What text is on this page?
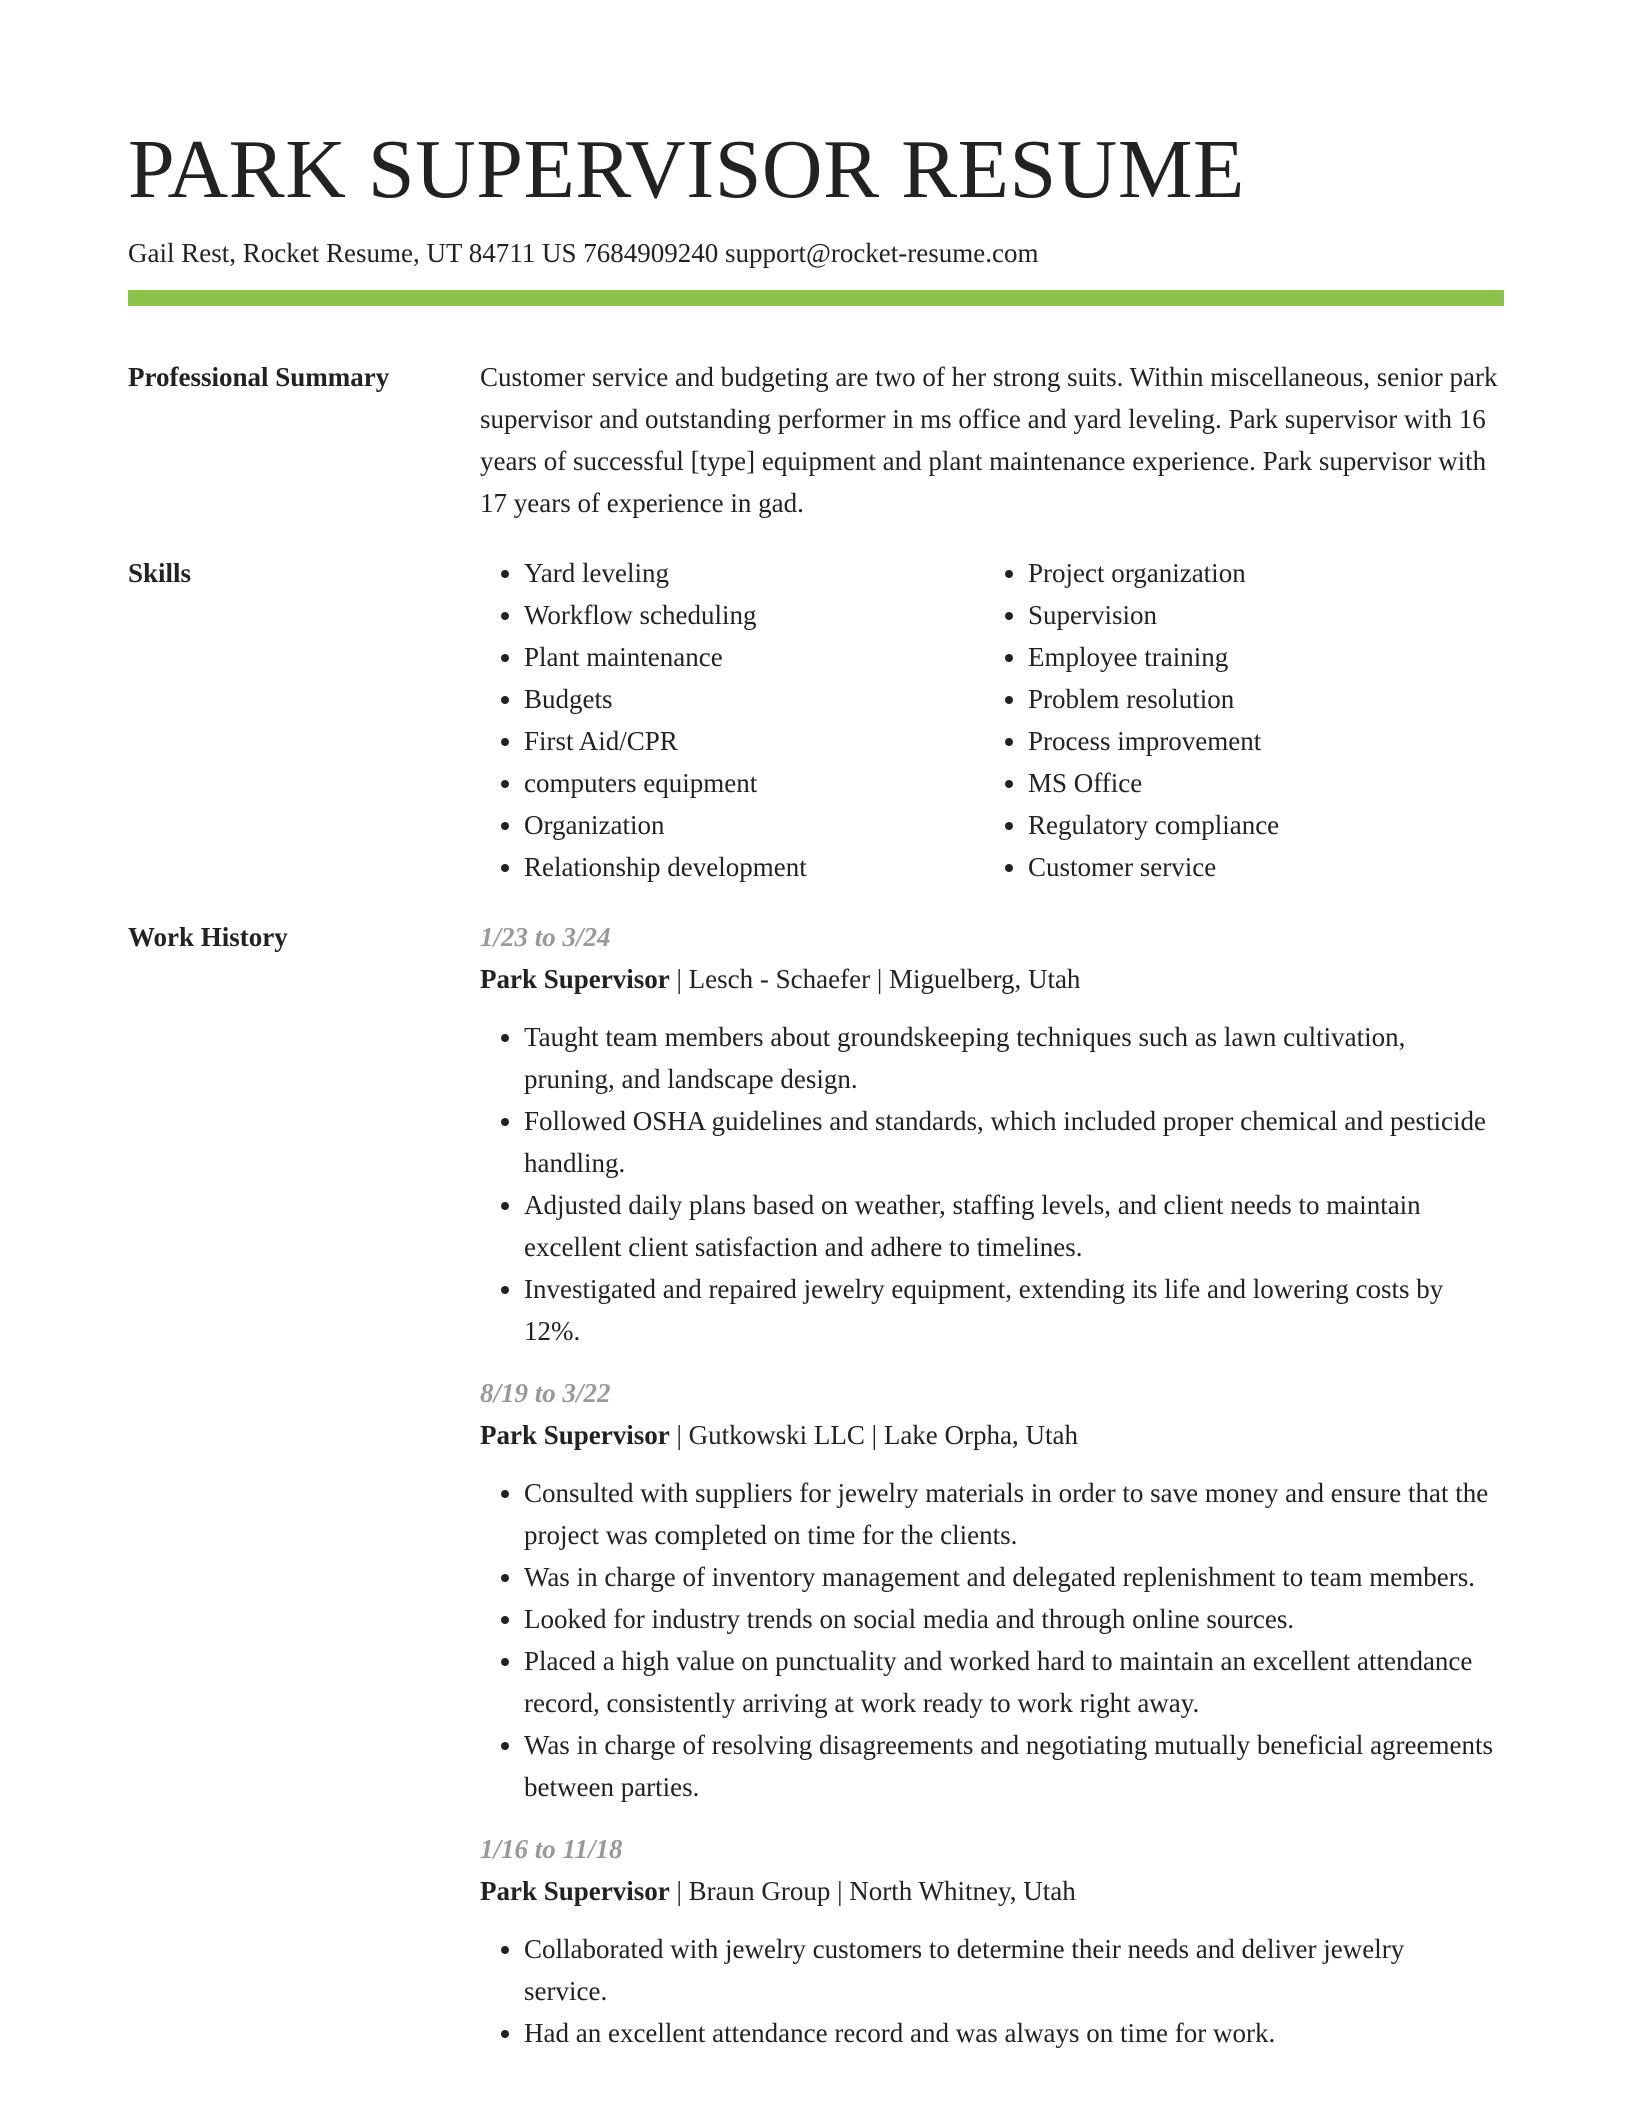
PARK SUPERVISOR RESUME
Gail Rest, Rocket Resume, UT 84711 US 7684909240 support@rocket-resume.com
Professional Summary	Customer service and budgeting are two of her strong suits. Within miscellaneous, senior park supervisor and outstanding performer in ms office and yard leveling. Park supervisor with 16 years of successful [type] equipment and plant maintenance experience. Park supervisor with 17 years of experience in gad.

Skills
•	Yard leveling
• Workflow scheduling
• Plant maintenance
• Budgets
• First Aid/CPR
• computers equipment
• Organization
• Relationship development
• Project organization
• Supervision
• Employee training
• Problem resolution
• Process improvement
• MS Office
• Regulatory compliance
• Customer service
Work History	1/23 to 3/24
Park Supervisor | Lesch - Schaefer | Miguelberg, Utah
• Taught team members about groundskeeping techniques such as lawn cultivation, pruning, and landscape design.
• Followed OSHA guidelines and standards, which included proper chemical and pesticide handling.
• Adjusted daily plans based on weather, staffing levels, and client needs to maintain excellent client satisfaction and adhere to timelines.
• Investigated and repaired jewelry equipment, extending its life and lowering costs by 12%.
8/19 to 3/22
Park Supervisor | Gutkowski LLC | Lake Orpha, Utah
• Consulted with suppliers for jewelry materials in order to save money and ensure that the project was completed on time for the clients.
• Was in charge of inventory management and delegated replenishment to team members.
• Looked for industry trends on social media and through online sources.
• Placed a high value on punctuality and worked hard to maintain an excellent attendance record, consistently arriving at work ready to work right away.
• Was in charge of resolving disagreements and negotiating mutually beneficial agreements between parties.
1/16 to 11/18
Park Supervisor | Braun Group | North Whitney, Utah
• Collaborated with jewelry customers to determine their needs and deliver jewelry service.
• Had an excellent attendance record and was always on time for work.
